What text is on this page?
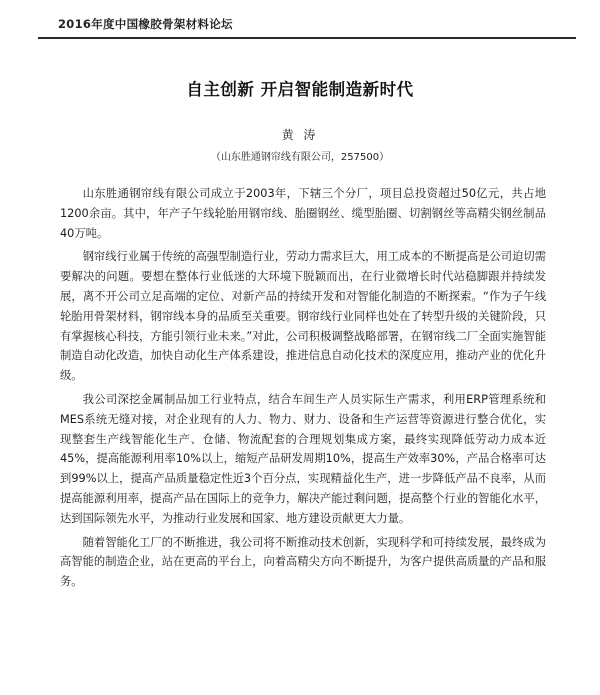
2016年度中国橡胶骨架材料论坛
自主创新 开启智能制造新时代
黄 涛
（山东胜通钢帘线有限公司，257500）

山东胜通钢帘线有限公司成立于2003年，下辖三个分厂，项目总投资超过50亿元，共占地1200余亩。其中，年产子午线轮胎用钢帘线、胎圈钢丝、缆型胎圈、切割钢丝等高精尖钢丝制品40万吨。

钢帘线行业属于传统的高强型制造行业，劳动力需求巨大，用工成本的不断提高是公司迫切需要解决的问题。要想在整体行业低迷的大环境下脱颖而出，在行业微增长时代站稳脚跟并持续发展，离不开公司立足高端的定位、对新产品的持续开发和对智能化制造的不断探索。“作为子午线轮胎用骨架材料，钢帘线本身的品质至关重要。钢帘线行业同样也处在了转型升级的关键阶段，只有掌握核心科技，方能引领行业未来。”对此，公司积极调整战略部署，在钢帘线二厂全面实施智能制造自动化改造，加快自动化生产体系建设，推进信息自动化技术的深度应用，推动产业的优化升级。

我公司深挖金属制品加工行业特点，结合车间生产人员实际生产需求，利用ERP管理系统和MES系统无缝对接，对企业现有的人力、物力、财力、设备和生产运营等资源进行整合优化，实现整套生产线智能化生产、仓储、物流配套的合理规划集成方案，最终实现降低劳动力成本近45%，提高能源利用率10%以上，缩短产品研发周期10%，提高生产效率30%，产品合格率可达到99%以上，提高产品质量稳定性近3个百分点，实现精益化生产，进一步降低产品不良率，从而提高能源利用率，提高产品在国际上的竞争力，解决产能过剩问题，提高整个行业的智能化水平，达到国际领先水平，为推动行业发展和国家、地方建设贡献更大力量。

随着智能化工厂的不断推进，我公司将不断推动技术创新，实现科学和可持续发展，最终成为高智能的制造企业，站在更高的平台上，向着高精尖方向不断提升，为客户提供高质量的产品和服务。
